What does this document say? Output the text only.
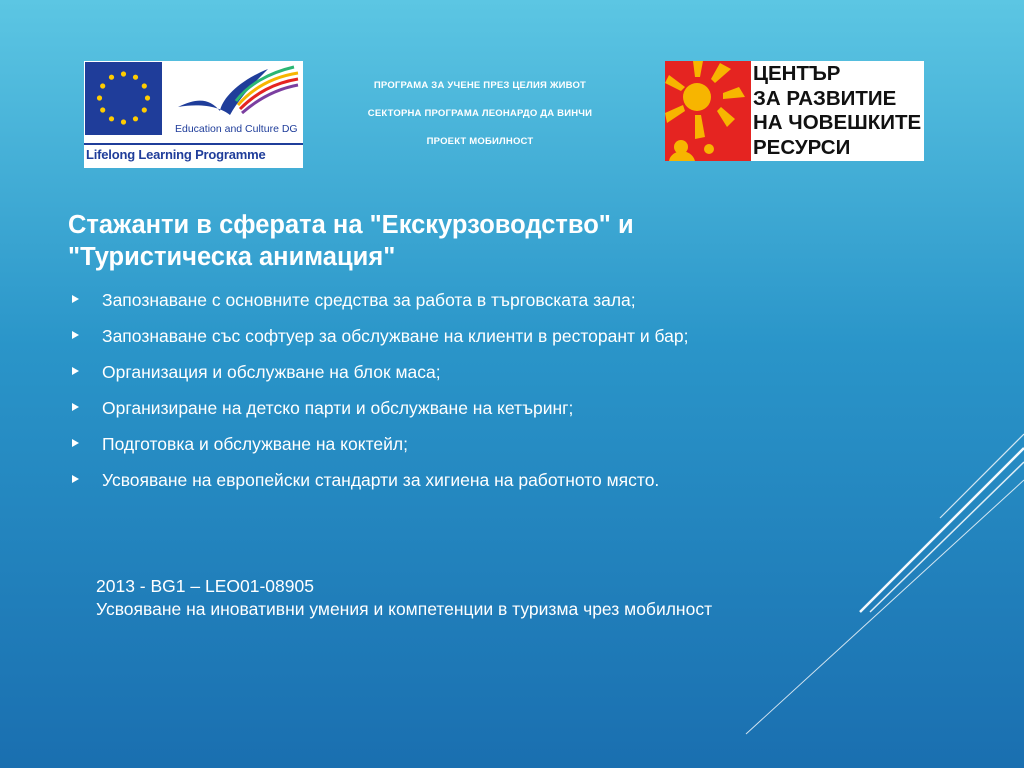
Education and Culture DG
Lifelong Learning Programme
ПРОГРАМА ЗА УЧЕНЕ ПРЕЗ ЦЕЛИЯ ЖИВОТ
СЕКТОРНА ПРОГРАМА ЛЕОНАРДО ДА ВИНЧИ
ПРОЕКТ МОБИЛНОСТ
ЦЕНТЪР
ЗА РАЗВИТИЕ
НА ЧОВЕШКИТЕ
РЕСУРСИ
Стажанти в сферата на "Екскурзоводство" и
"Туристическа анимация"
Запознаване с основните средства за работа в търговската зала;
Запознаване със софтуер за обслужване на клиенти в ресторант и бар;
Организация и обслужване на блок маса;
Организиране на детско парти и обслужване на кетъринг;
Подготовка и обслужване на коктейл;
Усвояване на европейски стандарти за хигиена на работното място.
2013 - BG1 – LEO01-08905
Усвояване на иновативни умения и компетенции в туризма чрез мобилност
